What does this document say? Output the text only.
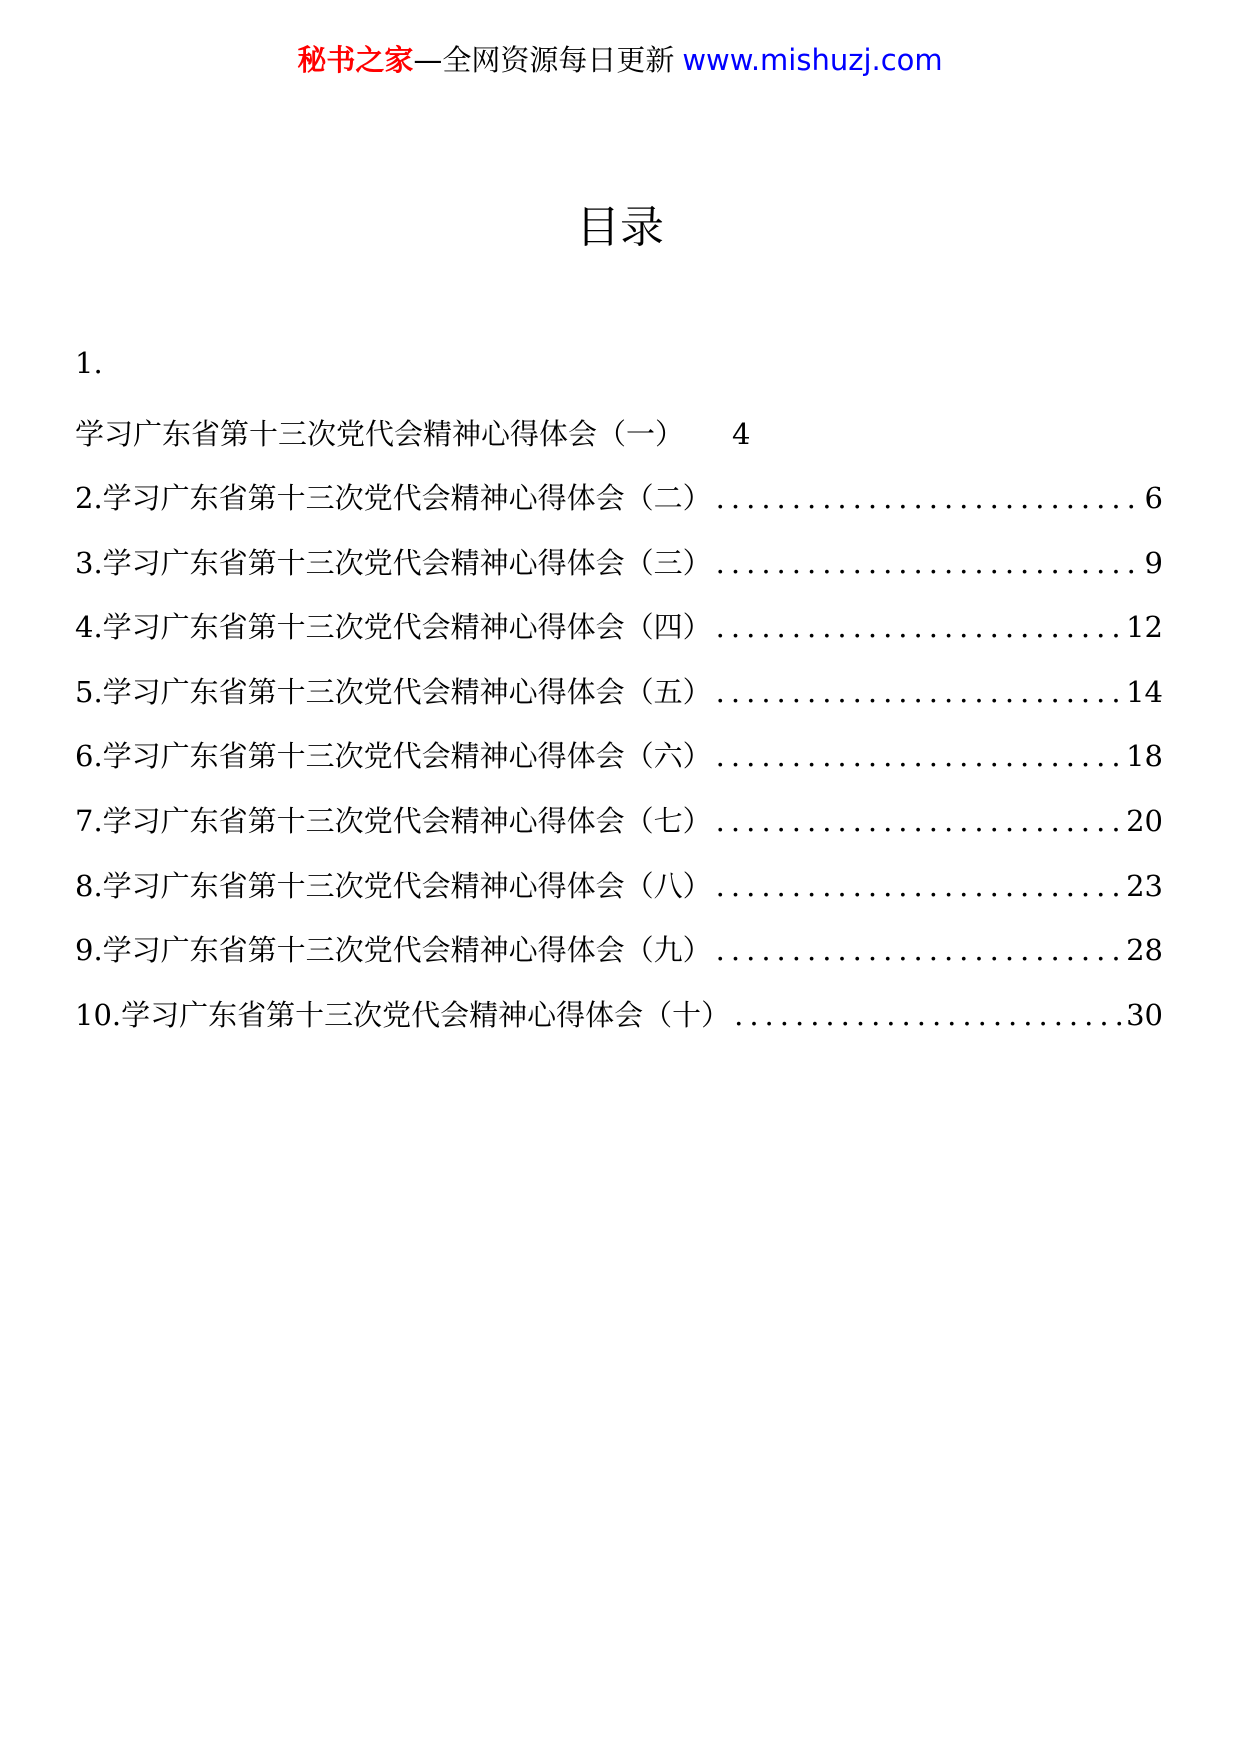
秘书之家—全网资源每日更新 www.mishuzj.com
目录
1.
学习广东省第十三次党代会精神心得体会（一） 4
2.学习广东省第十三次党代会精神心得体会（二） .....	6
3.学习广东省第十三次党代会精神心得体会（三） .....	9
4.学习广东省第十三次党代会精神心得体会（四） .....	12
5.学习广东省第十三次党代会精神心得体会（五） .....	14
6.学习广东省第十三次党代会精神心得体会（六） .....	18
7.学习广东省第十三次党代会精神心得体会（七） .....	20
8.学习广东省第十三次党代会精神心得体会（八） .....	23
9.学习广东省第十三次党代会精神心得体会（九） .....	28
10.学习广东省第十三次党代会精神心得体会（十） .....	30
